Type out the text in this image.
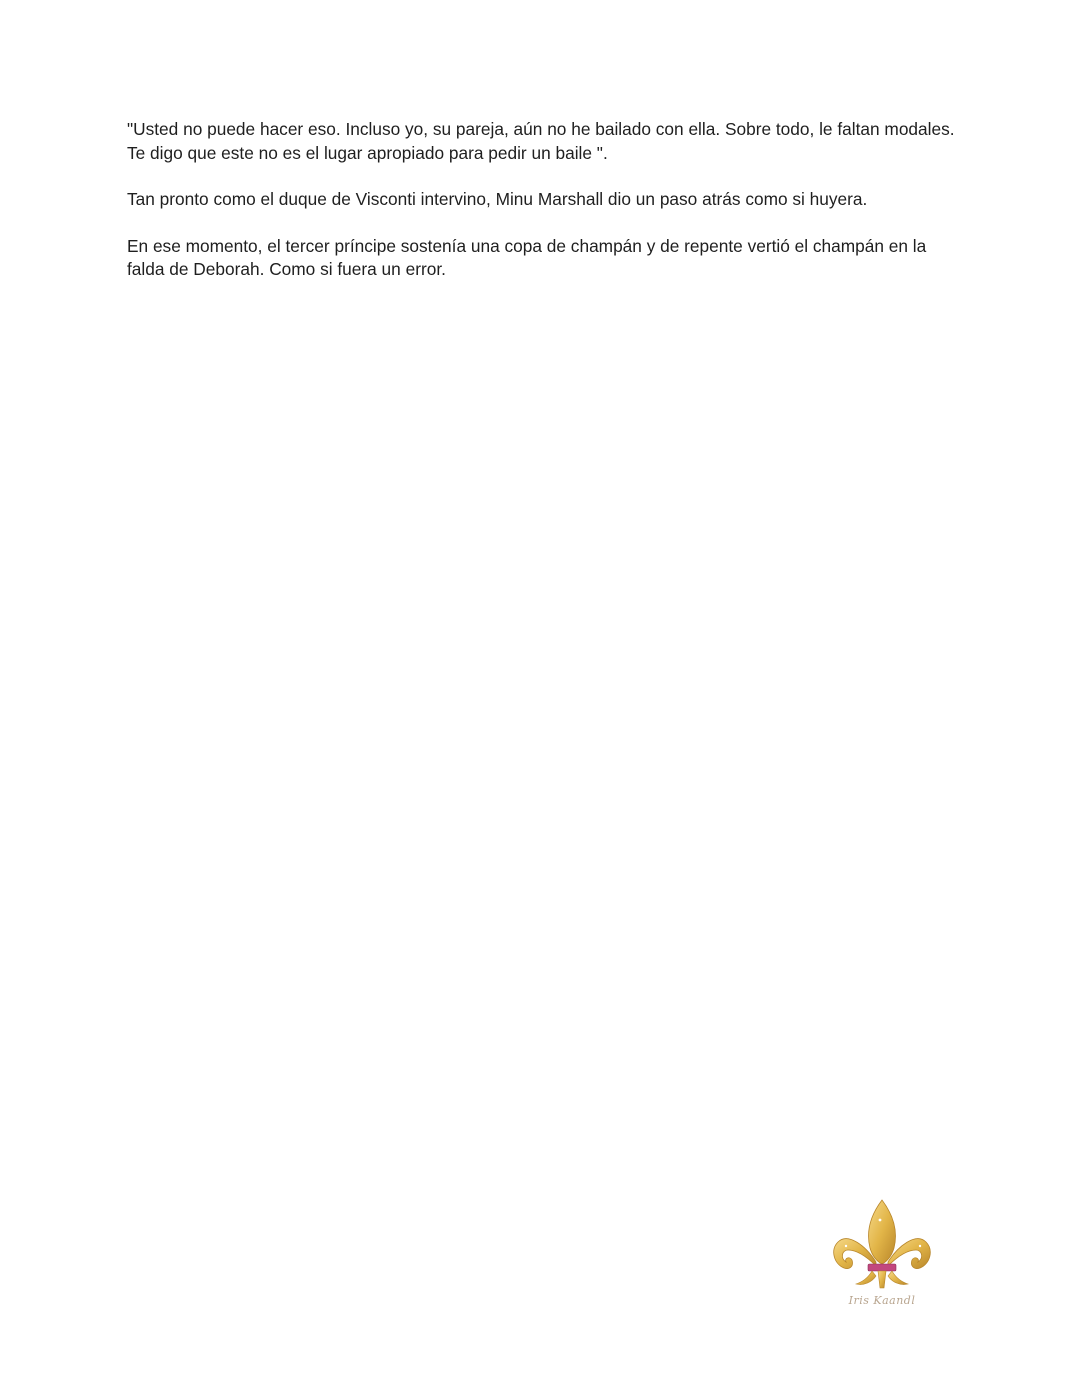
"Usted no puede hacer eso. Incluso yo, su pareja, aún no he bailado con ella. Sobre todo, le faltan modales. Te digo que este no es el lugar apropiado para pedir un baile ".

Tan pronto como el duque de Visconti intervino, Minu Marshall dio un paso atrás como si huyera.

En ese momento, el tercer príncipe sostenía una copa de champán y de repente vertió el champán en la falda de Deborah. Como si fuera un error.

Iris Kaandl
